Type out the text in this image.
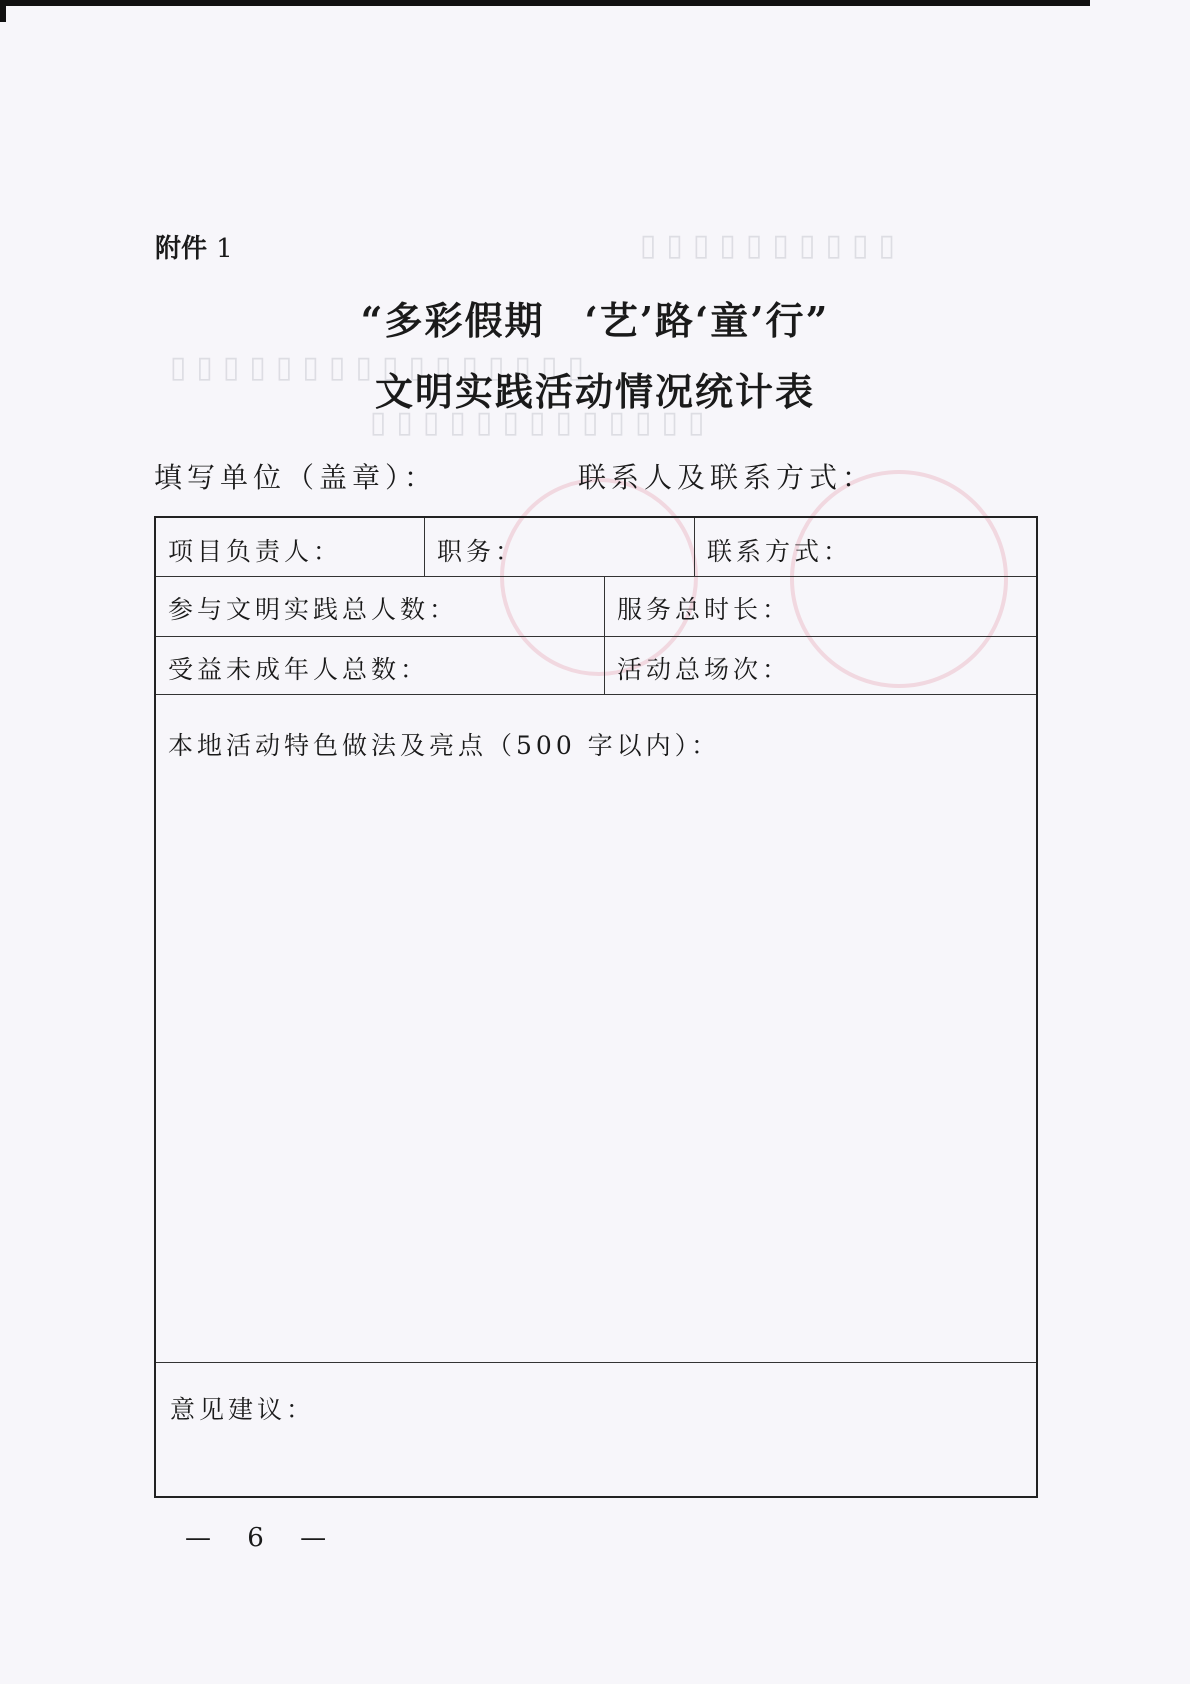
▯▯▯▯▯▯▯▯▯▯
▯▯▯▯▯▯▯▯▯▯▯▯▯▯▯▯
▯▯▯▯▯▯▯▯▯▯▯▯▯
附件 1
“多彩假期　‘艺’路‘童’行”
文明实践活动情况统计表
填写单位（盖章）：	联系人及联系方式：
项目负责人：	职务：	联系方式：
参与文明实践总人数：	服务总时长：
受益未成年人总数：	活动总场次：
本地活动特色做法及亮点（500 字以内）：
意见建议：
— 6 —
